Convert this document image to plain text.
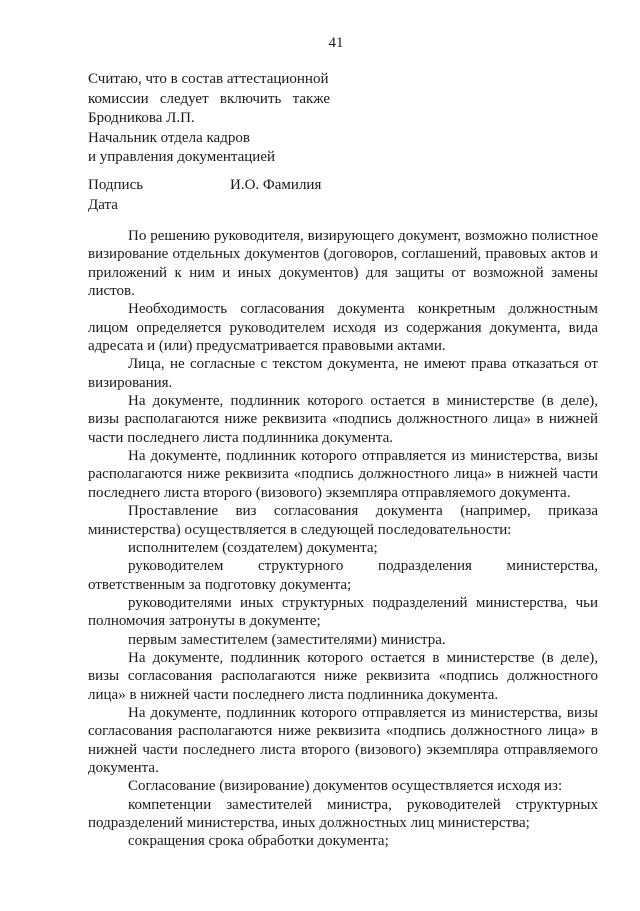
41
Считаю, что в состав аттестационной
комиссии   следует   включить   также
Бродникова Л.П.
Начальник отдела кадров
и управления документацией
Подпись	И.О. Фамилия
Дата

По решению руководителя, визирующего документ, возможно полистное визирование отдельных документов (договоров, соглашений, правовых актов и приложений к ним и иных документов) для защиты от возможной замены листов.

Необходимость согласования документа конкретным должностным лицом определяется руководителем исходя из содержания документа, вида адресата и (или) предусматривается правовыми актами.

Лица, не согласные с текстом документа, не имеют права отказаться от визирования.

На документе, подлинник которого остается в министерстве (в деле), визы располагаются ниже реквизита «подпись должностного лица» в нижней части последнего листа подлинника документа.

На документе, подлинник которого отправляется из министерства, визы располагаются ниже реквизита «подпись должностного лица» в нижней части последнего листа второго (визового) экземпляра отправляемого документа.

Проставление виз согласования документа (например, приказа министерства) осуществляется в следующей последовательности:

исполнителем (создателем) документа;

руководителем структурного подразделения министерства, ответственным за подготовку документа;

руководителями иных структурных подразделений министерства, чьи полномочия затронуты в документе;

первым заместителем (заместителями) министра.

На документе, подлинник которого остается в министерстве (в деле), визы согласования располагаются ниже реквизита «подпись должностного лица» в нижней части последнего листа подлинника документа.

На документе, подлинник которого отправляется из министерства, визы согласования располагаются ниже реквизита «подпись должностного лица» в нижней части последнего листа второго (визового) экземпляра отправляемого документа.

Согласование (визирование) документов осуществляется исходя из:

компетенции заместителей министра, руководителей структурных подразделений министерства, иных должностных лиц министерства;

сокращения срока обработки документа;
